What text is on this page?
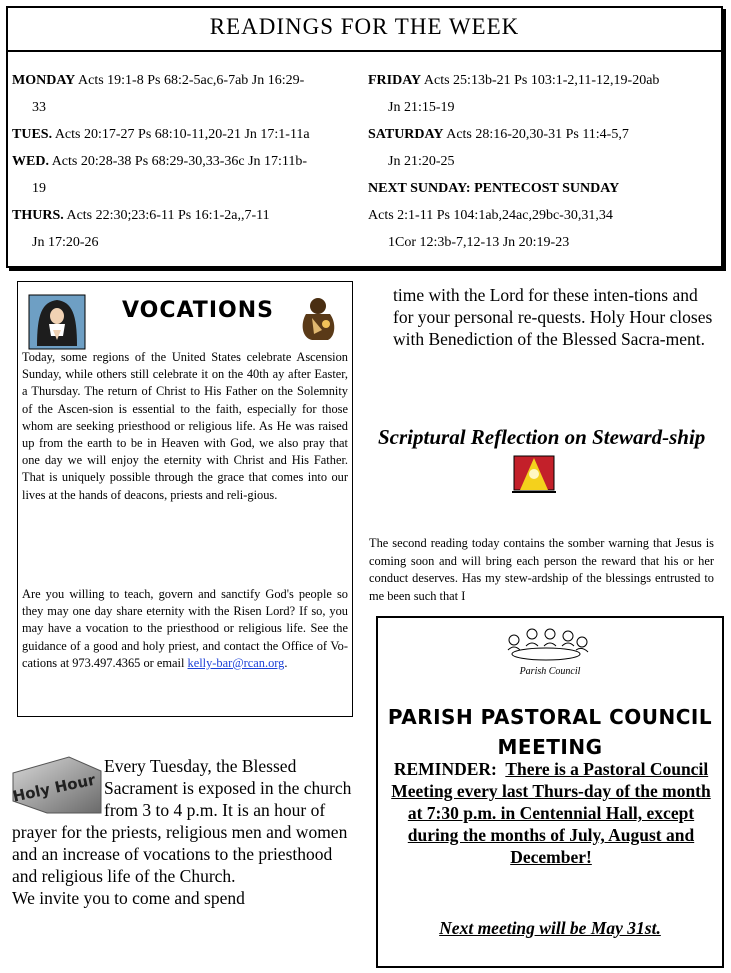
READINGS FOR THE WEEK

MONDAY Acts 19:1-8 Ps 68:2-5ac,6-7ab Jn 16:29-

33

TUES. Acts 20:17-27 Ps 68:10-11,20-21 Jn 17:1-11a

WED. Acts 20:28-38 Ps 68:29-30,33-36c Jn 17:11b-

19

THURS. Acts 22:30;23:6-11 Ps 16:1-2a,,7-11

Jn 17:20-26

FRIDAY Acts 25:13b-21 Ps 103:1-2,11-12,19-20ab

Jn 21:15-19

SATURDAY Acts 28:16-20,30-31 Ps 11:4-5,7

Jn 21:20-25

NEXT SUNDAY: PENTECOST SUNDAY

Acts 2:1-11 Ps 104:1ab,24ac,29bc-30,31,34

1Cor 12:3b-7,12-13 Jn 20:19-23

VOCATIONS
Today, some regions of the United States celebrate Ascension Sunday, while others still celebrate it on the 40th ay after Easter, a Thursday. The return of Christ to His Father on the Solemnity of the Ascen-sion is essential to the faith, especially for those whom are seeking priesthood or religious life. As He was raised up from the earth to be in Heaven with God, we also pray that one day we will enjoy the eternity with Christ and His Father. That is uniquely possible through the grace that comes into our lives at the hands of deacons, priests and reli-gious.
Are you willing to teach, govern and sanctify God's people so they may one day share eternity with the Risen Lord? If so, you may have a vocation to the priesthood or religious life. See the guidance of a good and holy priest, and contact the Office of Vo-cations at 973.497.4365 or email kelly-bar@rcan.org.
Holy Hour
Every Tuesday, the Blessed Sacrament is exposed in the church from 3 to 4 p.m. It is an hour of prayer for the priests, religious men and women and an increase of vocations to the priesthood and religious life of the Church.
We invite you to come and spend
time with the Lord for these inten-tions and for your personal re-quests. Holy Hour closes with Benediction of the Blessed Sacra-ment.
Scriptural Reflection on Steward-ship
The second reading today contains the somber warning that Jesus is coming soon and will bring each person the reward that his or her conduct deserves. Has my stew-ardship of the blessings entrusted to me been such that I
Parish Council
PARISH PASTORAL COUNCIL MEETING
REMINDER: There is a Pastoral Council Meeting every last Thurs-day of the month at 7:30 p.m. in Centennial Hall, except during the months of July, August and December!
Next meeting will be May 31st.
